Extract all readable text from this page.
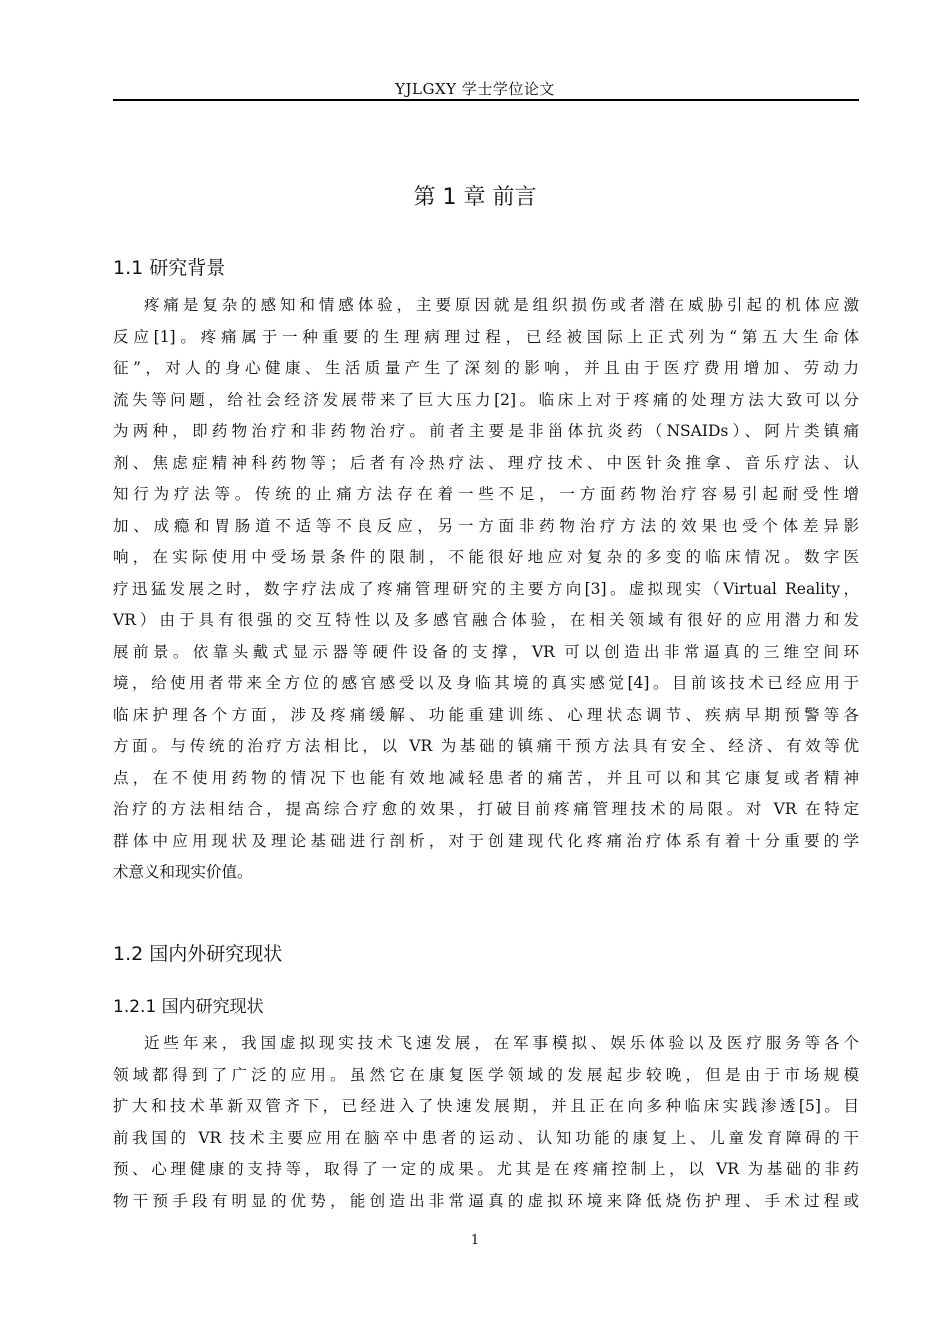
YJLGXY 学士学位论文
第 1 章 前言
1.1 研究背景
疼痛是复杂的感知和情感体验，主要原因就是组织损伤或者潜在威胁引起的机体应激
反应[1]。疼痛属于一种重要的生理病理过程，已经被国际上正式列为“第五大生命体
征”，对人的身心健康、生活质量产生了深刻的影响，并且由于医疗费用增加、劳动力
流失等问题，给社会经济发展带来了巨大压力[2]。临床上对于疼痛的处理方法大致可以分
为两种，即药物治疗和非药物治疗。前者主要是非甾体抗炎药（NSAIDs）、阿片类镇痛
剂、焦虑症精神科药物等；后者有冷热疗法、理疗技术、中医针灸推拿、音乐疗法、认
知行为疗法等。传统的止痛方法存在着一些不足，一方面药物治疗容易引起耐受性增
加、成瘾和胃肠道不适等不良反应，另一方面非药物治疗方法的效果也受个体差异影
响，在实际使用中受场景条件的限制，不能很好地应对复杂的多变的临床情况。数字医
疗迅猛发展之时，数字疗法成了疼痛管理研究的主要方向[3]。虚拟现实（Virtual Reality，
VR）由于具有很强的交互特性以及多感官融合体验，在相关领域有很好的应用潜力和发
展前景。依靠头戴式显示器等硬件设备的支撑，VR 可以创造出非常逼真的三维空间环
境，给使用者带来全方位的感官感受以及身临其境的真实感觉[4]。目前该技术已经应用于
临床护理各个方面，涉及疼痛缓解、功能重建训练、心理状态调节、疾病早期预警等各
方面。与传统的治疗方法相比，以 VR 为基础的镇痛干预方法具有安全、经济、有效等优
点，在不使用药物的情况下也能有效地减轻患者的痛苦，并且可以和其它康复或者精神
治疗的方法相结合，提高综合疗愈的效果，打破目前疼痛管理技术的局限。对 VR 在特定
群体中应用现状及理论基础进行剖析，对于创建现代化疼痛治疗体系有着十分重要的学
术意义和现实价值。
1.2 国内外研究现状
1.2.1 国内研究现状
近些年来，我国虚拟现实技术飞速发展，在军事模拟、娱乐体验以及医疗服务等各个
领域都得到了广泛的应用。虽然它在康复医学领域的发展起步较晚，但是由于市场规模
扩大和技术革新双管齐下，已经进入了快速发展期，并且正在向多种临床实践渗透[5]。目
前我国的 VR 技术主要应用在脑卒中患者的运动、认知功能的康复上、儿童发育障碍的干
预、心理健康的支持等，取得了一定的成果。尤其是在疼痛控制上，以 VR 为基础的非药
物干预手段有明显的优势，能创造出非常逼真的虚拟环境来降低烧伤护理、手术过程或
1
